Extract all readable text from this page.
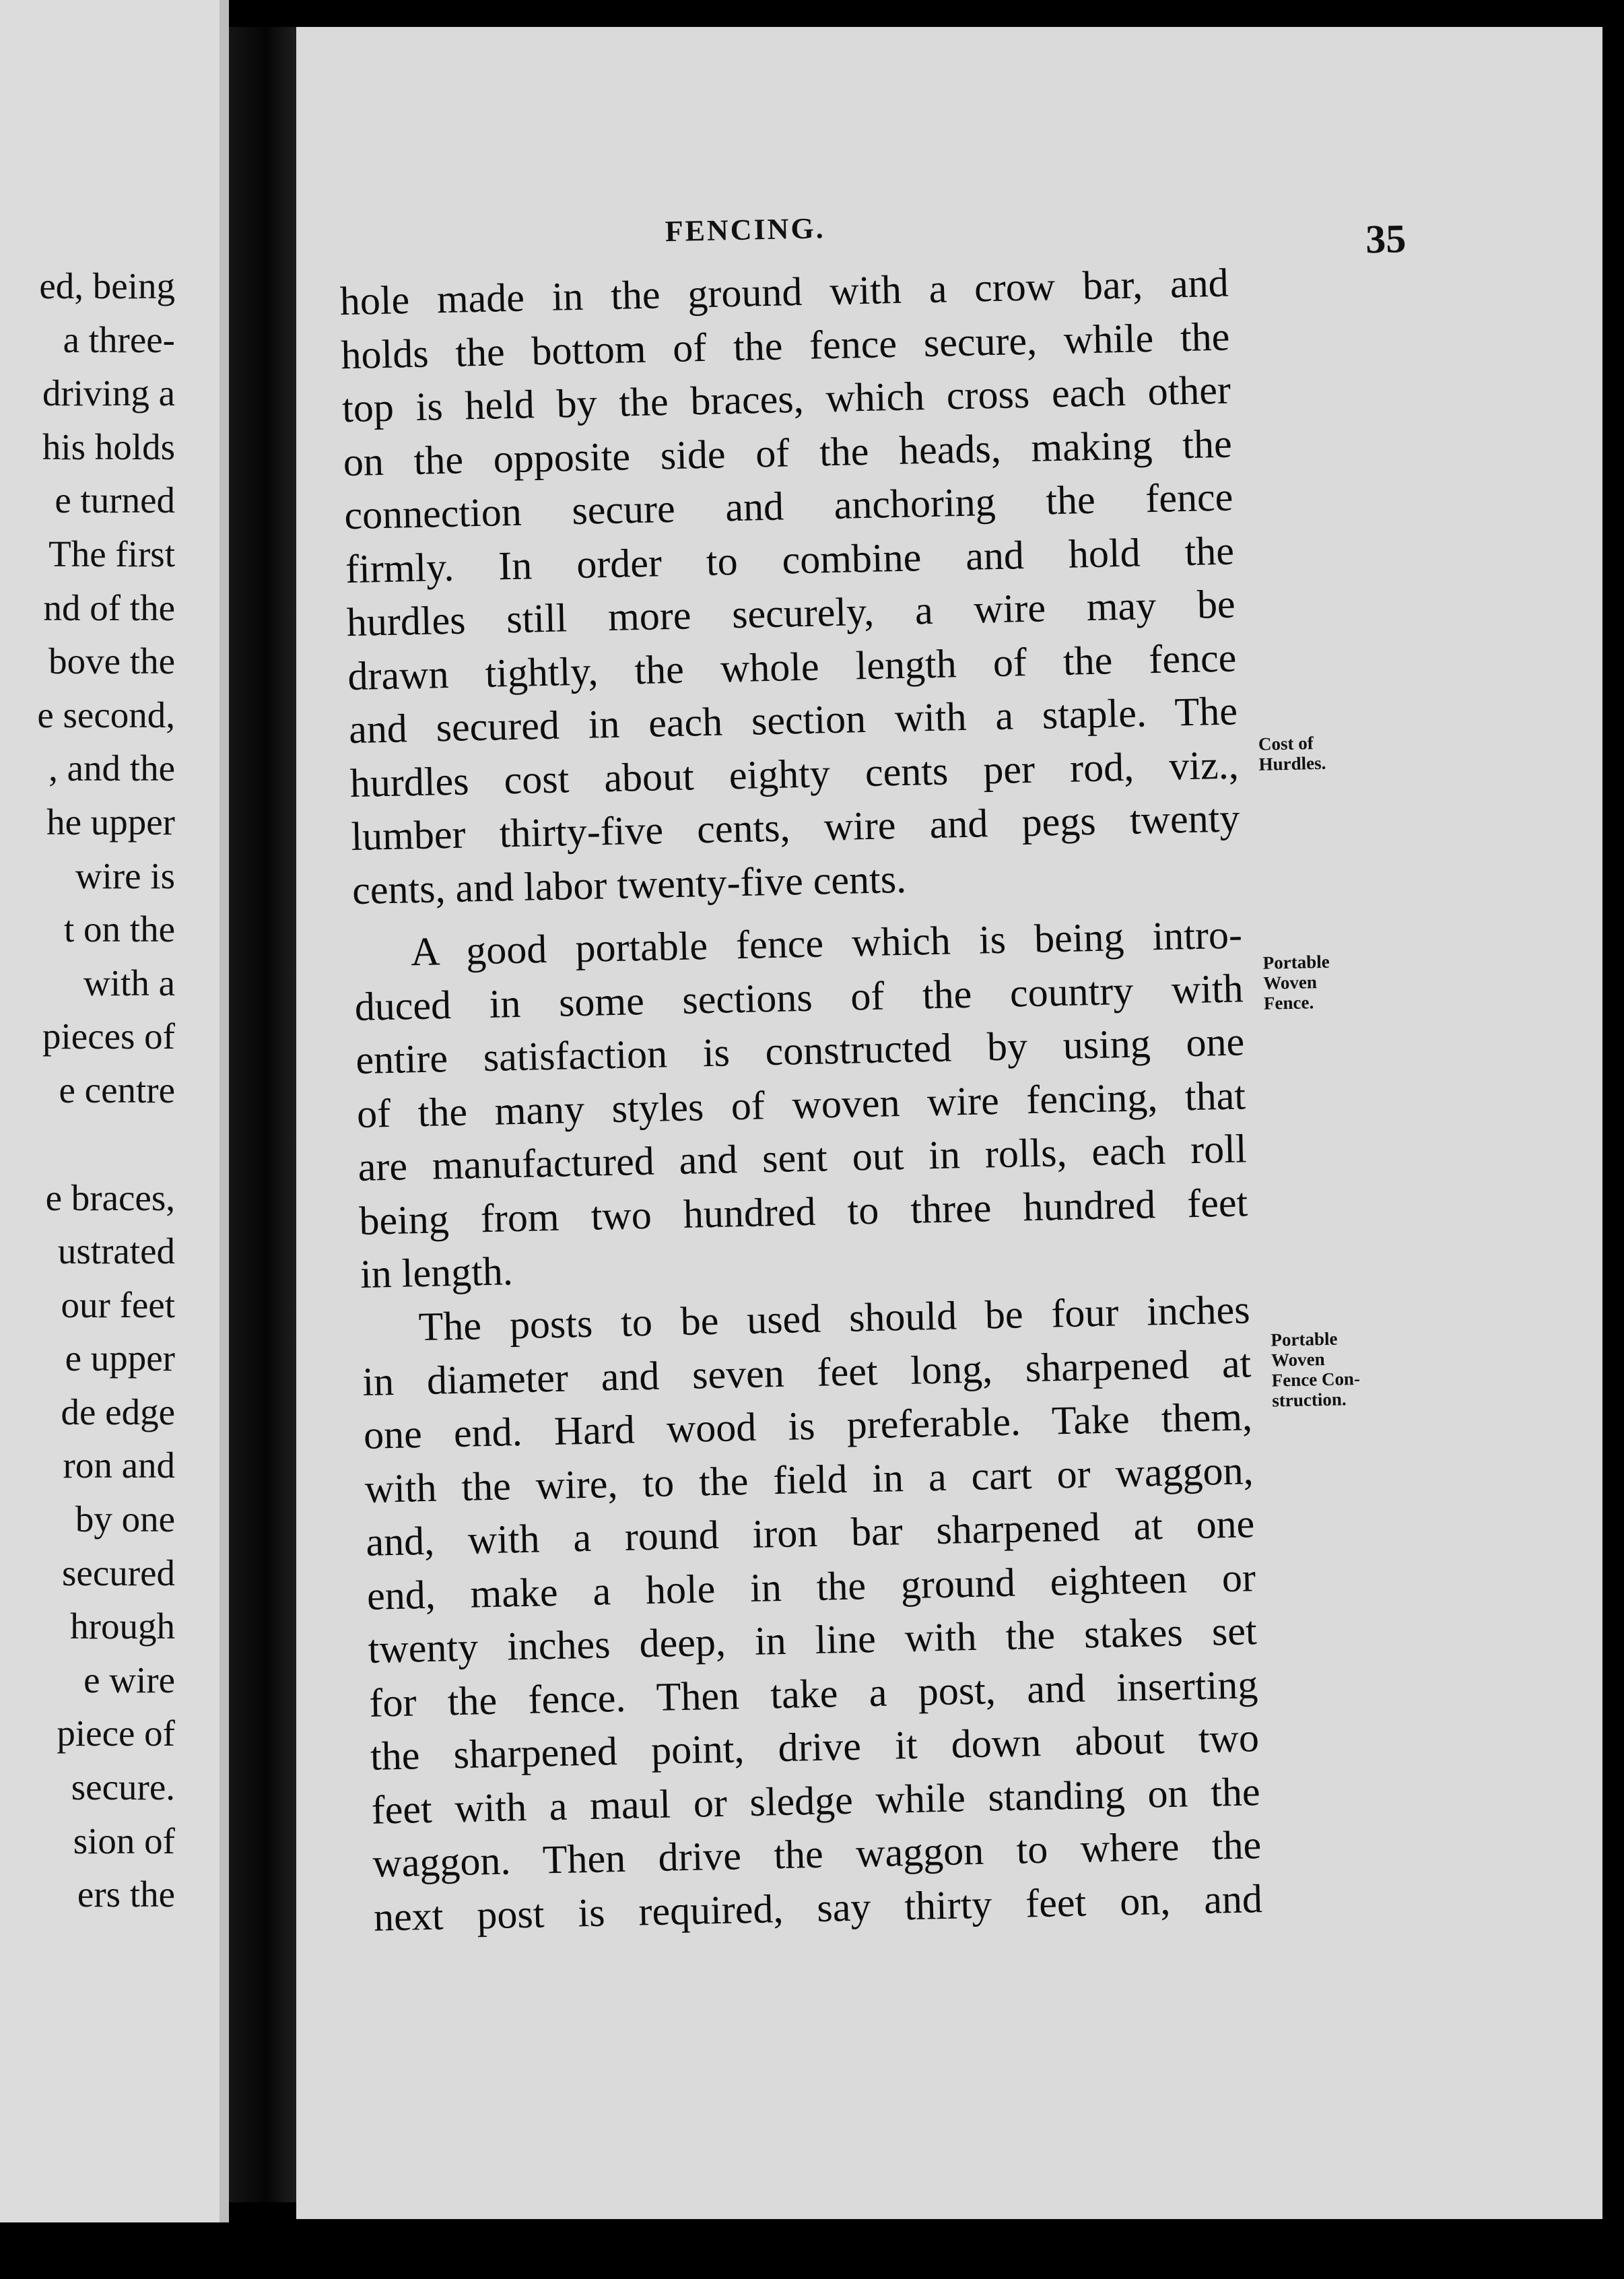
ed, being
a three-
driving a
his holds
e turned
The first
nd of the
bove the
e second,
, and the
he upper
wire is
t on the
with a
pieces of
e centre
e braces,
ustrated
our feet
e upper
de edge
ron and
by one
secured
hrough
e wire
piece of
secure.
sion of
ers the
FENCING.	35
hole made in the ground with a crow bar, and
holds the bottom of the fence secure, while the
top is held by the braces, which cross each other
on the opposite side of the heads, making the
connection secure and anchoring the fence
firmly. In order to combine and hold the
hurdles still more securely, a wire may be
drawn tightly, the whole length of the fence
and secured in each section with a staple. The
hurdles cost about eighty cents per rod, viz.,
lumber thirty-five cents, wire and pegs twenty
cents, and labor twenty-five cents.
A good portable fence which is being intro-
duced in some sections of the country with
entire satisfaction is constructed by using one
of the many styles of woven wire fencing, that
are manufactured and sent out in rolls, each roll
being from two hundred to three hundred feet
in length.
The posts to be used should be four inches
in diameter and seven feet long, sharpened at
one end. Hard wood is preferable. Take them,
with the wire, to the field in a cart or waggon,
and, with a round iron bar sharpened at one
end, make a hole in the ground eighteen or
twenty inches deep, in line with the stakes set
for the fence. Then take a post, and inserting
the sharpened point, drive it down about two
feet with a maul or sledge while standing on the
waggon. Then drive the waggon to where the
next post is required, say thirty feet on, and
Cost of
Hurdles.
Portable
Woven
Fence.
Portable
Woven
Fence Con-
struction.
